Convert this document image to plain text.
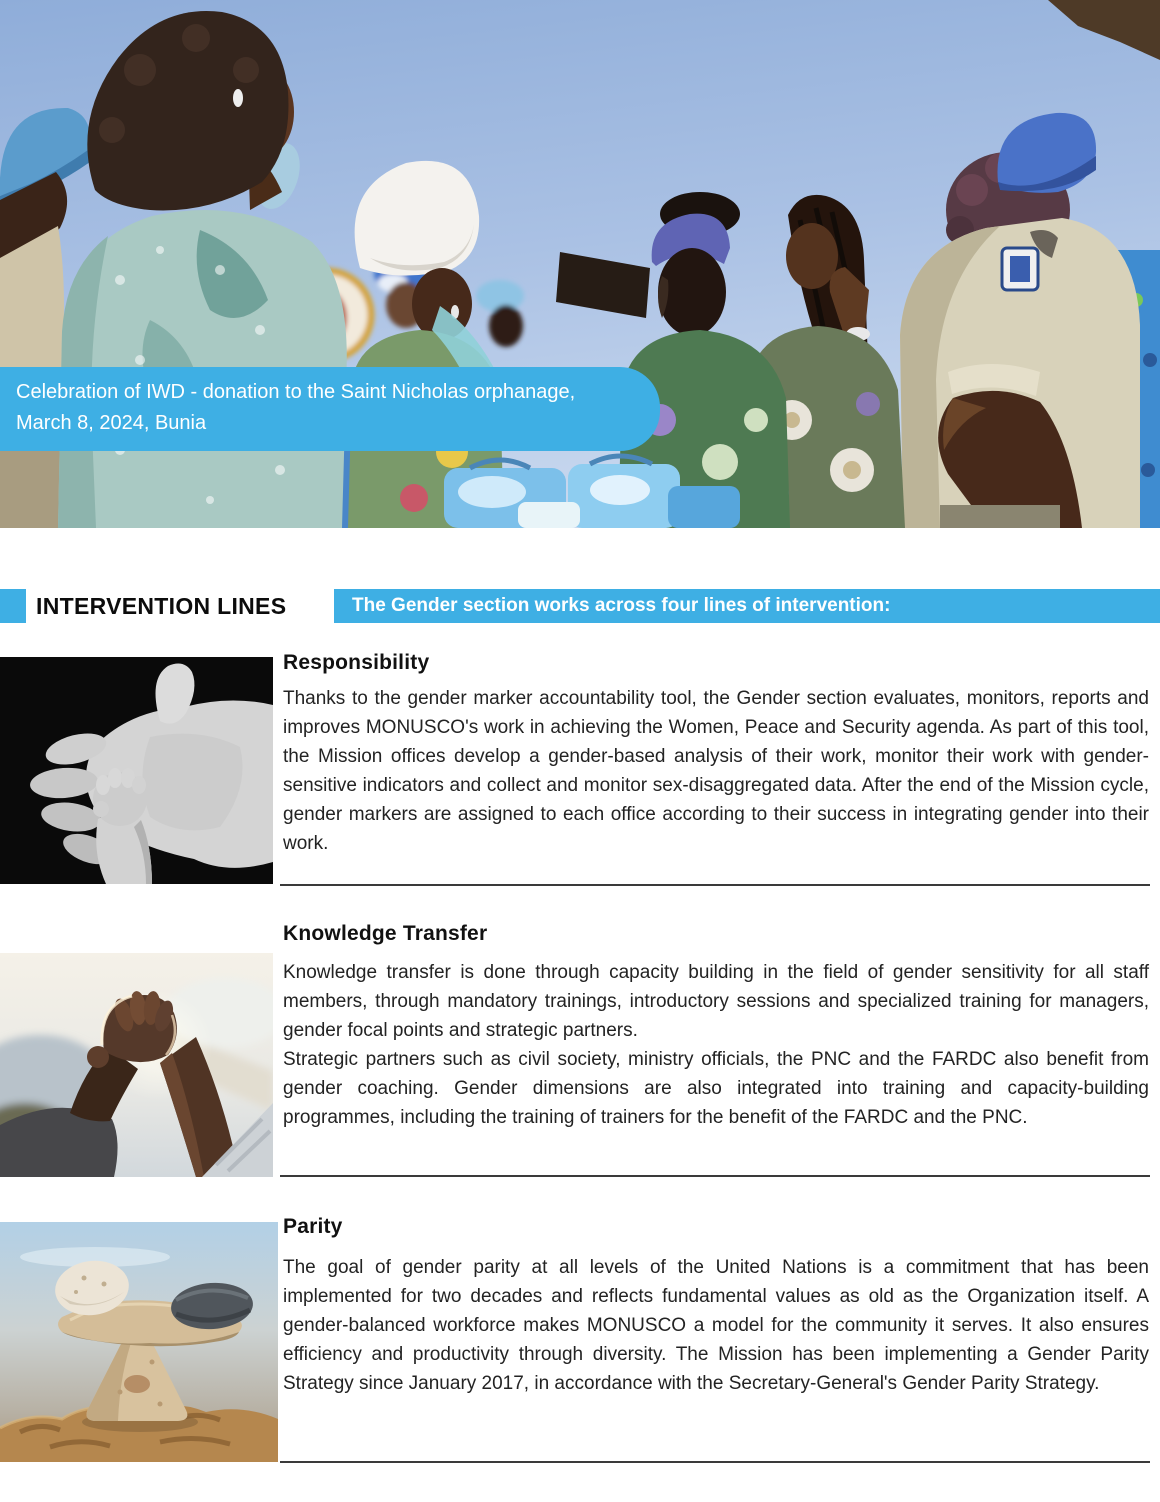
Celebration of IWD - donation to the Saint Nicholas orphanage,
March 8, 2024, Bunia
INTERVENTION LINES	The Gender section works across four lines of intervention:
Responsibility

Thanks to the gender marker accountability tool, the Gender section evaluates, monitors, reports and improves MONUSCO's work in achieving the Women, Peace and Security agenda. As part of this tool, the Mission offices develop a gender-based analysis of their work, monitor their work with gender-sensitive indicators and collect and monitor sex-disaggregated data. After the end of the Mission cycle, gender markers are assigned to each office according to their success in integrating gender into their work.

Knowledge Transfer

Knowledge transfer is done through capacity building in the field of gender sensitivity for all staff members, through mandatory trainings, introductory sessions and specialized training for managers, gender focal points and strategic partners.

Strategic partners such as civil society, ministry officials, the PNC and the FARDC also benefit from gender coaching. Gender dimensions are also integrated into training and capacity-building programmes, including the training of trainers for the benefit of the FARDC and the PNC.

Parity

The goal of gender parity at all levels of the United Nations is a commitment that has been implemented for two decades and reflects fundamental values as old as the Organization itself. A gender-balanced workforce makes MONUSCO a model for the community it serves. It also ensures efficiency and productivity through diversity. The Mission has been implementing a Gender Parity Strategy since January 2017, in accordance with the Secretary-General's Gender Parity Strategy.
